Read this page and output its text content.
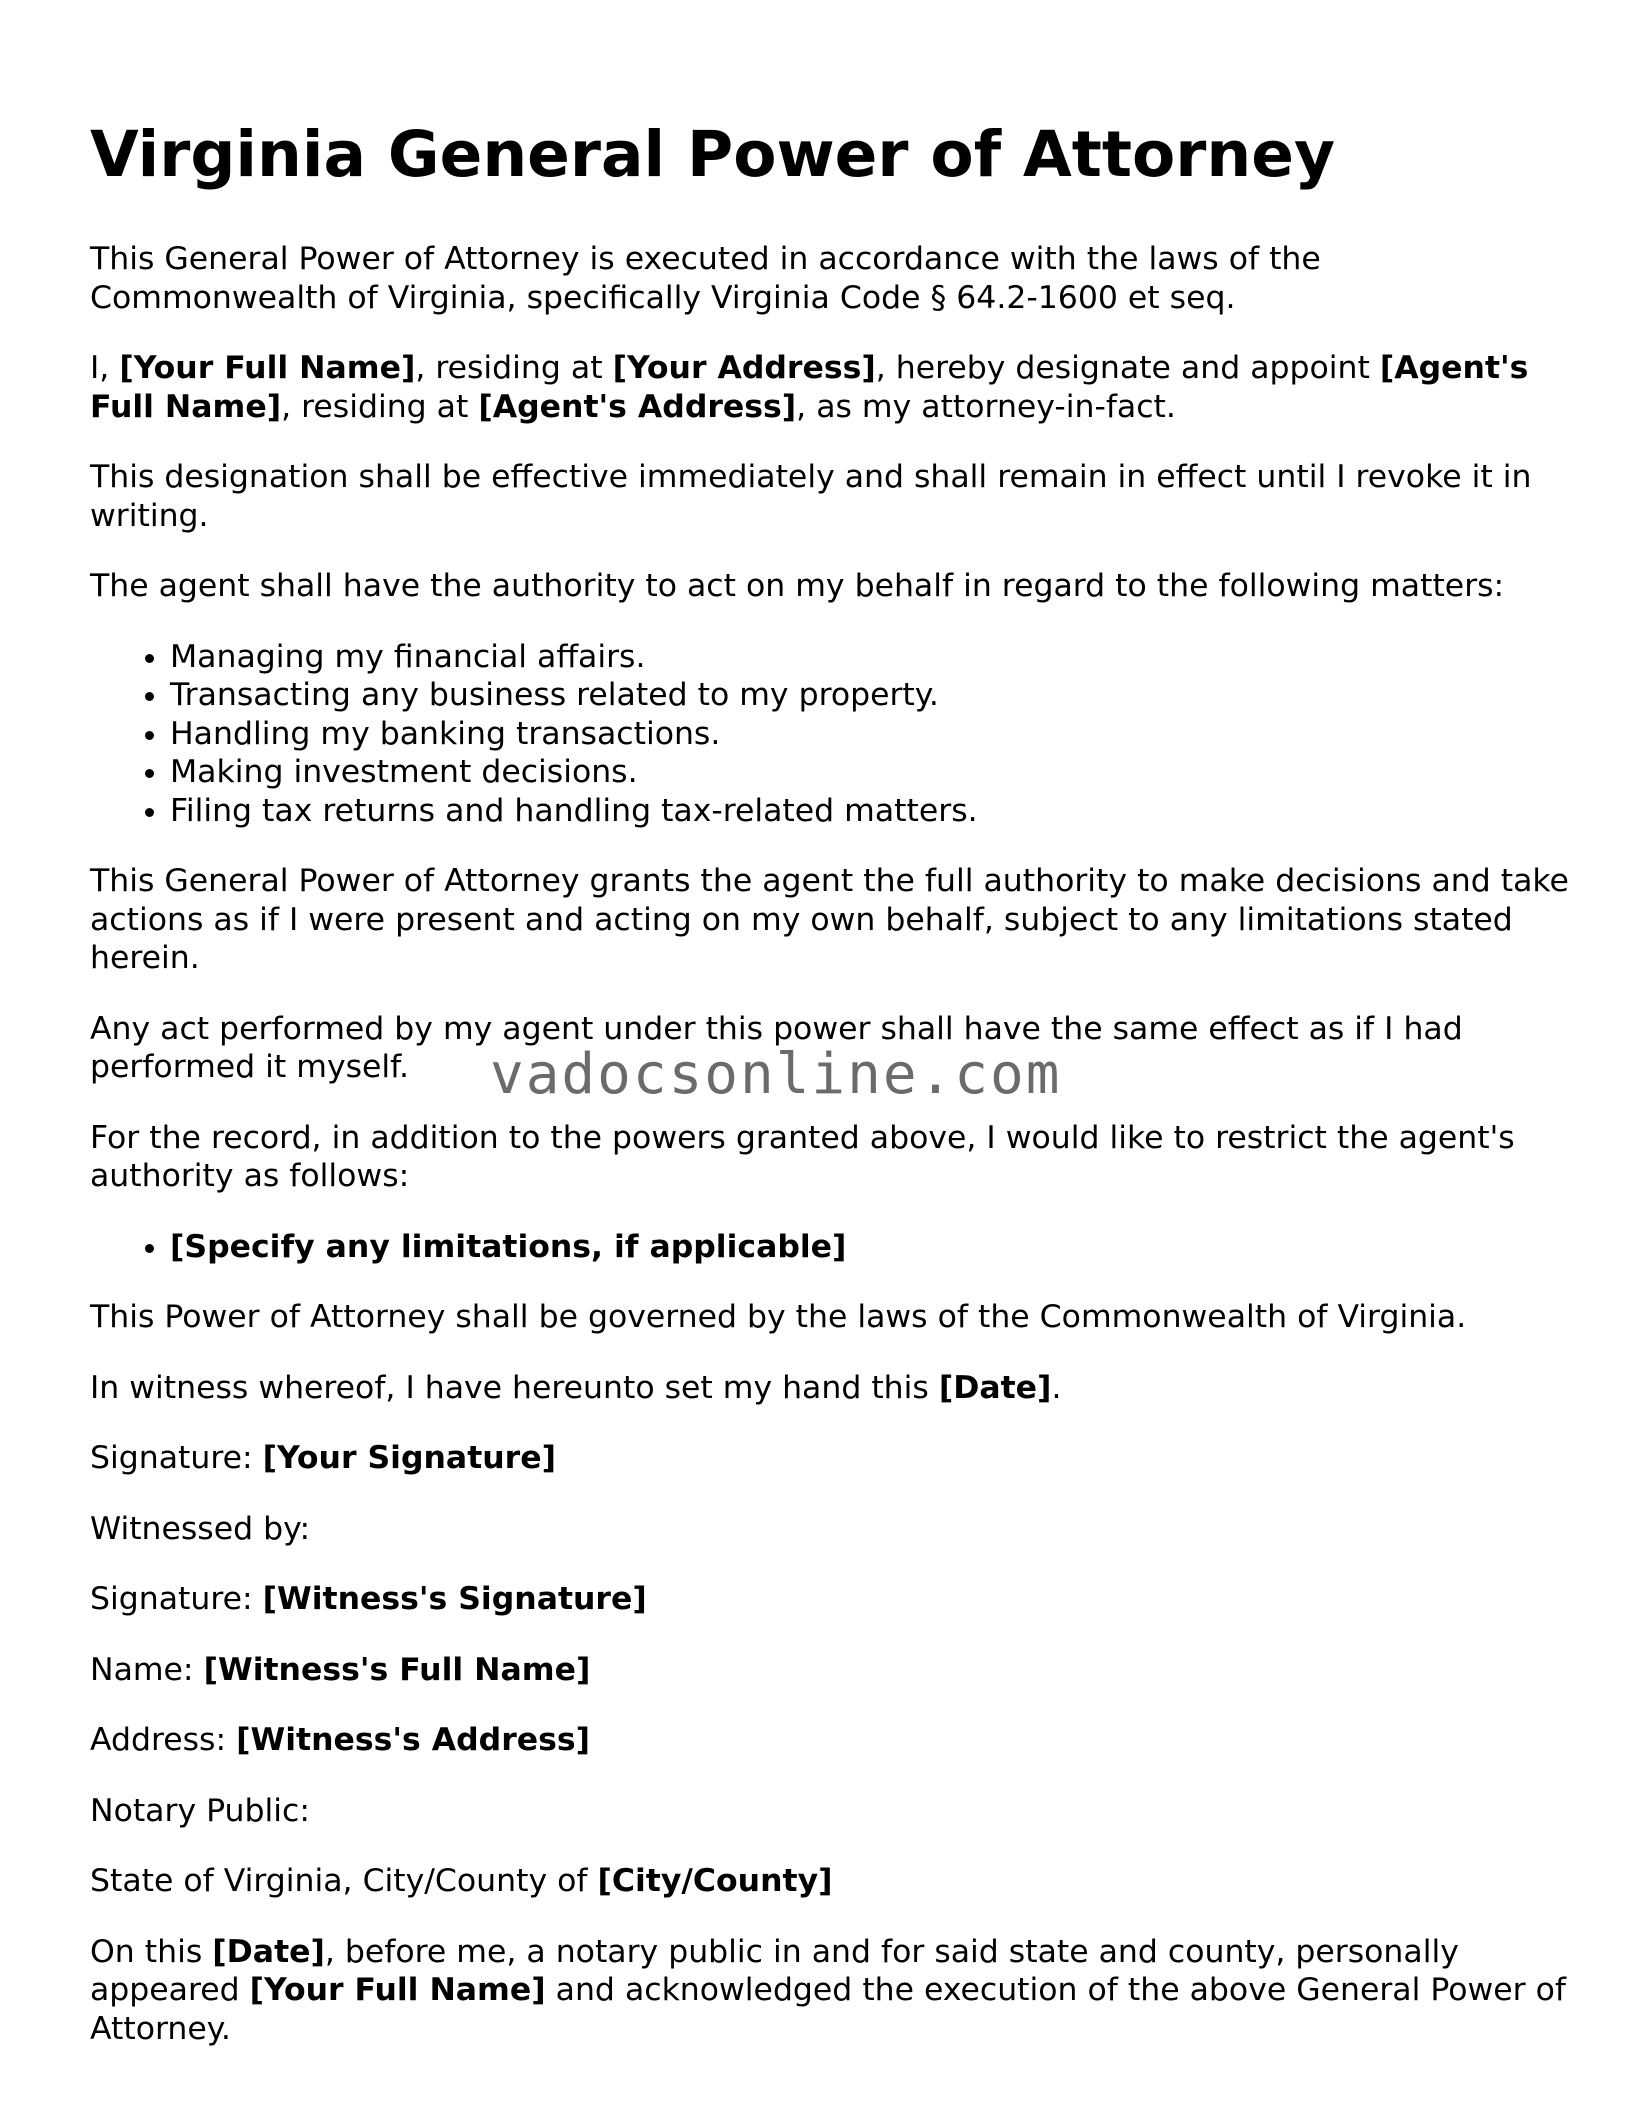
Virginia General Power of Attorney

This General Power of Attorney is executed in accordance with the laws of the Commonwealth of Virginia, specifically Virginia Code § 64.2-1600 et seq.

I, [Your Full Name], residing at [Your Address], hereby designate and appoint [Agent's Full Name], residing at [Agent's Address], as my attorney-in-fact.

This designation shall be effective immediately and shall remain in effect until I revoke it in writing.

The agent shall have the authority to act on my behalf in regard to the following matters:

• Managing my financial affairs.
• Transacting any business related to my property.
• Handling my banking transactions.
• Making investment decisions.
• Filing tax returns and handling tax-related matters.

This General Power of Attorney grants the agent the full authority to make decisions and take actions as if I were present and acting on my own behalf, subject to any limitations stated herein.

Any act performed by my agent under this power shall have the same effect as if I had performed it myself.

For the record, in addition to the powers granted above, I would like to restrict the agent's authority as follows:

• [Specify any limitations, if applicable]

This Power of Attorney shall be governed by the laws of the Commonwealth of Virginia.

In witness whereof, I have hereunto set my hand this [Date].

Signature: [Your Signature]

Witnessed by:

Signature: [Witness's Signature]

Name: [Witness's Full Name]

Address: [Witness's Address]

Notary Public:

State of Virginia, City/County of [City/County]

On this [Date], before me, a notary public in and for said state and county, personally appeared [Your Full Name] and acknowledged the execution of the above General Power of Attorney.

vadocsonline.com
